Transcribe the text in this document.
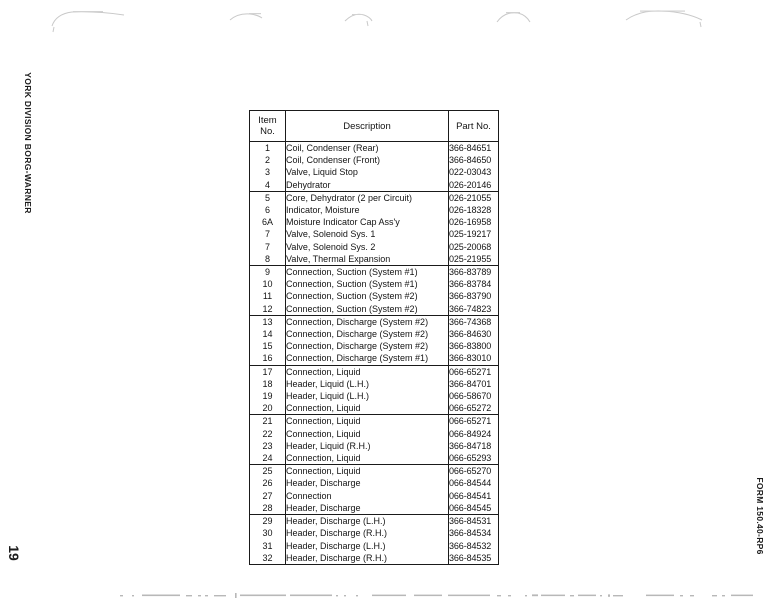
YORK DIVISION BORG-WARNER
19	FORM 150.40-RP6
Item
No.	Description	Part No.
1	Coil, Condenser (Rear)	366-84651
2	Coil, Condenser (Front)	366-84650
3	Valve, Liquid Stop	022-03043
4	Dehydrator	026-20146
5	Core, Dehydrator (2 per Circuit)	026-21055
6	Indicator, Moisture	026-18328
6A	Moisture Indicator Cap Ass'y	026-16958
7	Valve, Solenoid Sys. 1	025-19217
7	Valve, Solenoid Sys. 2	025-20068
8	Valve, Thermal Expansion	025-21955
9	Connection, Suction (System #1)	366-83789
10	Connection, Suction (System #1)	366-83784
11	Connection, Suction (System #2)	366-83790
12	Connection, Suction (System #2)	366-74823
13	Connection, Discharge (System #2)	366-74368
14	Connection, Discharge (System #2)	366-84630
15	Connection, Discharge (System #2)	366-83800
16	Connection, Discharge (System #1)	366-83010
17	Connection, Liquid	066-65271
18	Header, Liquid (L.H.)	366-84701
19	Header, Liquid (L.H.)	066-58670
20	Connection, Liquid	066-65272
21	Connection, Liquid	066-65271
22	Connection, Liquid	066-84924
23	Header, Liquid (R.H.)	366-84718
24	Connection, Liquid	066-65293
25	Connection, Liquid	066-65270
26	Header, Discharge	066-84544
27	Connection	066-84541
28	Header, Discharge	066-84545
29	Header, Discharge (L.H.)	366-84531
30	Header, Discharge (R.H.)	366-84534
31	Header, Discharge (L.H.)	366-84532
32	Header, Discharge (R.H.)	366-84535
